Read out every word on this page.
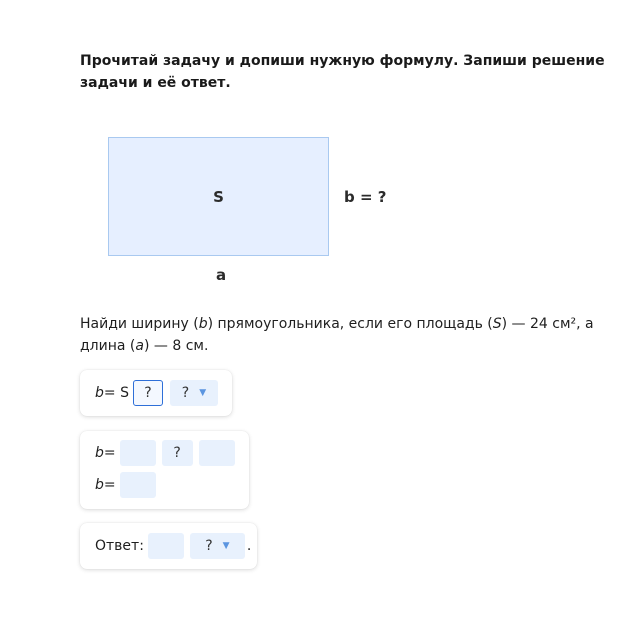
Прочитай задачу и допиши нужную формулу. Запиши решение задачи и её ответ.
S	b = ?
a
Найди ширину (b) прямоугольника, если его площадь (S) — 24 см², а длина (a) — 8 см.
b = S ? ? ▼
b =	?
b =
Ответ:	? ▼ .
